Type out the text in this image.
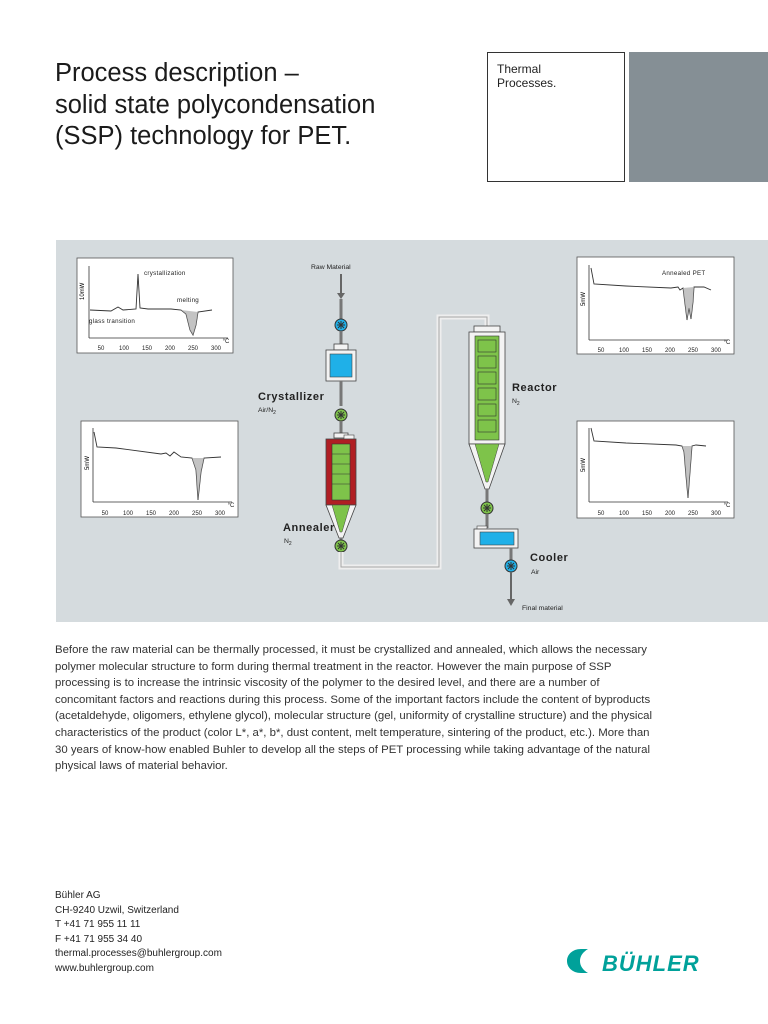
Process description –
solid state polycondensation
(SSP) technology for PET.
Thermal
Processes.
10mW
crystallization
melting
glass transition
50 100 150 200 250 300
°C
5mW
50 100 150 200 250 300
°C
5mW
Annealed PET
50 100 150 200 250 300
°C
5mW
50 100 150 200 250 300
°C
Raw Material
Crystallizer
Air/$N_2$
Annealer
$N_2$
Reactor
$N_2$
Cooler
Air
Final material

Before the raw material can be thermally processed, it must be crystallized and annealed, which allows the necessary polymer molecular structure to form during thermal treatment in the reactor. However the main purpose of SSP processing is to increase the intrinsic viscosity of the polymer to the desired level, and there are a number of concomitant factors and reactions during this process. Some of the important factors include the content of byproducts (acetaldehyde, oligomers, ethylene glycol), molecular structure (gel, uniformity of crystalline structure) and the physical characteristics of the product (color L*, a*, b*, dust content, melt temperature, sintering of the product, etc.). More than 30 years of know-how enabled Buhler to develop all the steps of PET processing while taking advantage of the natural physical laws of material behavior.

Bühler AG
CH-9240 Uzwil, Switzerland
T +41 71 955 11 11
F +41 71 955 34 40
thermal.processes@buhlergroup.com
www.buhlergroup.com	BÜHLER
